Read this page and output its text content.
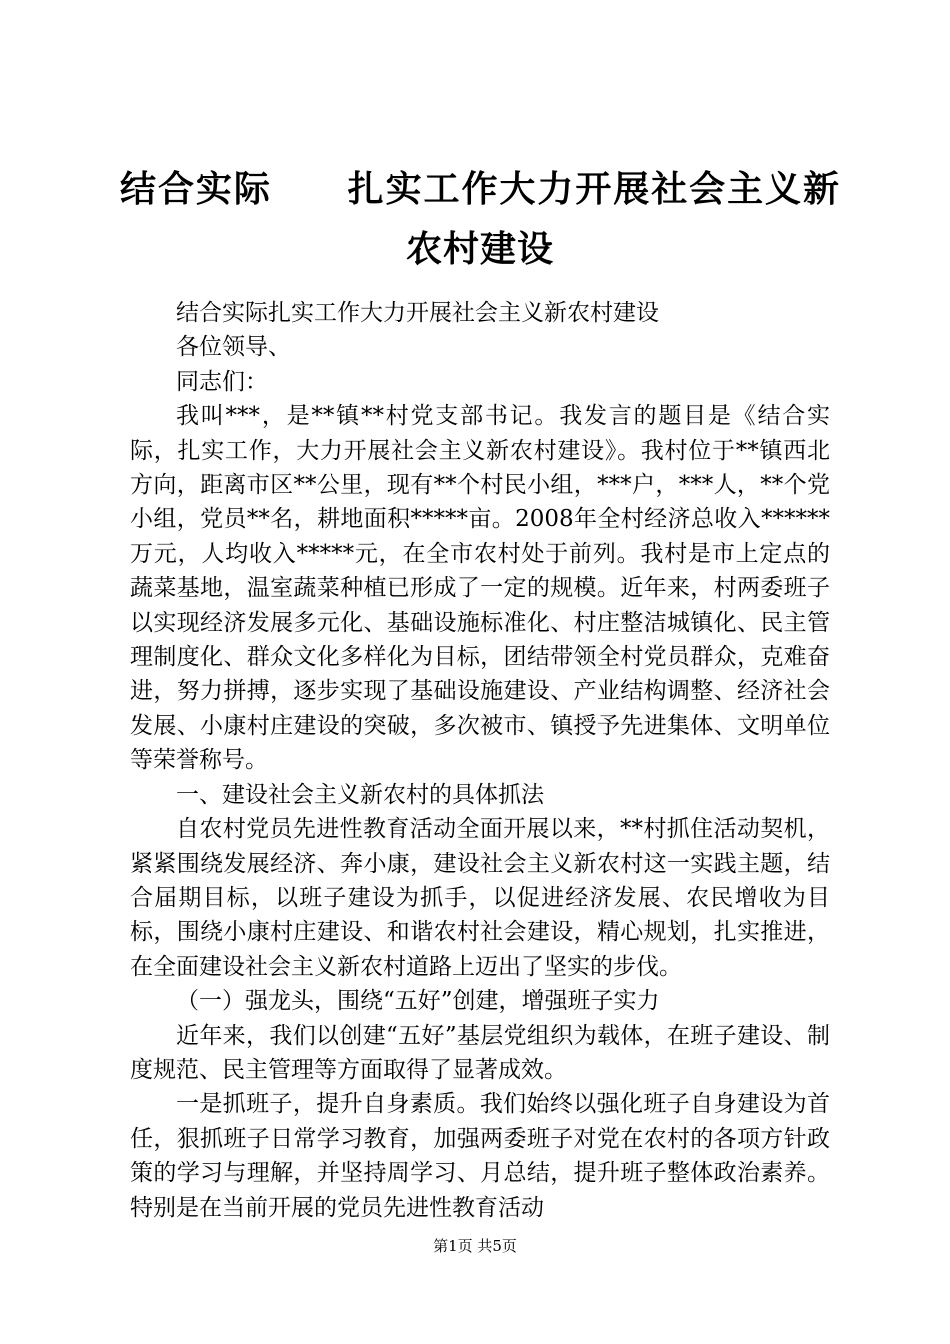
结合实际　　扎实工作大力开展社会主义新农村建设

结合实际扎实工作大力开展社会主义新农村建设

各位领导、

同志们：

我叫***，是**镇**村党支部书记。我发言的题目是《结合实际，扎实工作，大力开展社会主义新农村建设》。我村位于**镇西北方向，距离市区**公里，现有**个村民小组，***户，***人，**个党小组，党员**名，耕地面积*****亩。2008年全村经济总收入******万元，人均收入*****元，在全市农村处于前列。我村是市上定点的蔬菜基地，温室蔬菜种植已形成了一定的规模。近年来，村两委班子以实现经济发展多元化、基础设施标准化、村庄整洁城镇化、民主管理制度化、群众文化多样化为目标，团结带领全村党员群众，克难奋进，努力拼搏，逐步实现了基础设施建设、产业结构调整、经济社会发展、小康村庄建设的突破，多次被市、镇授予先进集体、文明单位等荣誉称号。

一、建设社会主义新农村的具体抓法

自农村党员先进性教育活动全面开展以来，**村抓住活动契机，紧紧围绕发展经济、奔小康，建设社会主义新农村这一实践主题，结合届期目标，以班子建设为抓手，以促进经济发展、农民增收为目标，围绕小康村庄建设、和谐农村社会建设，精心规划，扎实推进，在全面建设社会主义新农村道路上迈出了坚实的步伐。

（一）强龙头，围绕“五好”创建，增强班子实力

近年来，我们以创建“五好”基层党组织为载体，在班子建设、制度规范、民主管理等方面取得了显著成效。

一是抓班子，提升自身素质。我们始终以强化班子自身建设为首任，狠抓班子日常学习教育，加强两委班子对党在农村的各项方针政策的学习与理解，并坚持周学习、月总结，提升班子整体政治素养。特别是在当前开展的党员先进性教育活动

第1页 共5页
